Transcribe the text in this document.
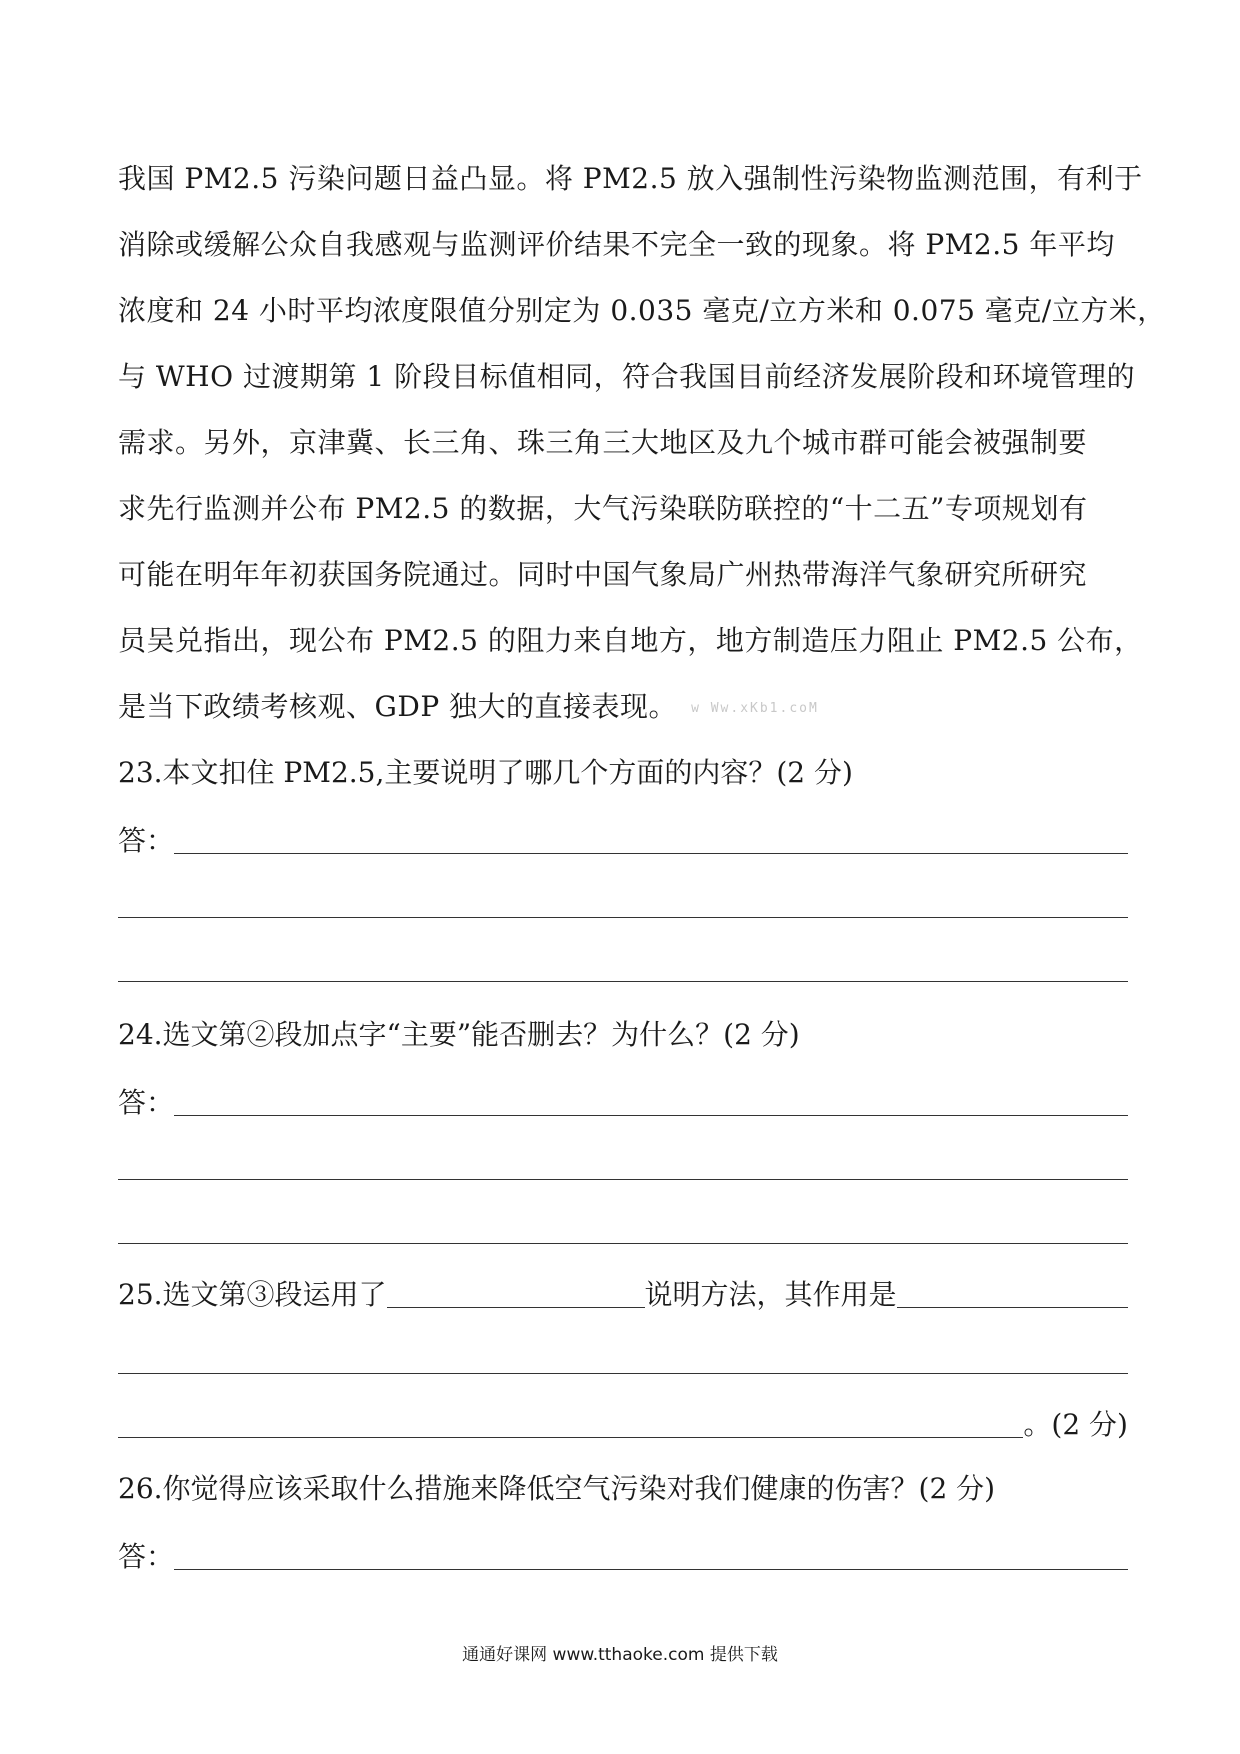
我国 PM2.5 污染问题日益凸显。将 PM2.5 放入强制性污染物监测范围，有利于
消除或缓解公众自我感观与监测评价结果不完全一致的现象。将 PM2.5 年平均
浓度和 24 小时平均浓度限值分别定为 0.035 毫克/立方米和 0.075 毫克/立方米，
与 WHO 过渡期第 1 阶段目标值相同，符合我国目前经济发展阶段和环境管理的
需求。另外，京津冀、长三角、珠三角三大地区及九个城市群可能会被强制要
求先行监测并公布 PM2.5 的数据，大气污染联防联控的“十二五”专项规划有
可能在明年年初获国务院通过。同时中国气象局广州热带海洋气象研究所研究
员吴兑指出，现公布 PM2.5 的阻力来自地方，地方制造压力阻止 PM2.5 公布，
是当下政绩考核观、GDP 独大的直接表现。 w Ww.xKb1.coM
23.本文扣住 PM2.5,主要说明了哪几个方面的内容？(2 分)
答：
24.选文第②段加点字“主要”能否删去？为什么？(2 分)
答：
25.选文第③段运用了	说明方法，其作用是
。(2 分)
26.你觉得应该采取什么措施来降低空气污染对我们健康的伤害？(2 分)
答：
通通好课网 www.tthaoke.com 提供下载
